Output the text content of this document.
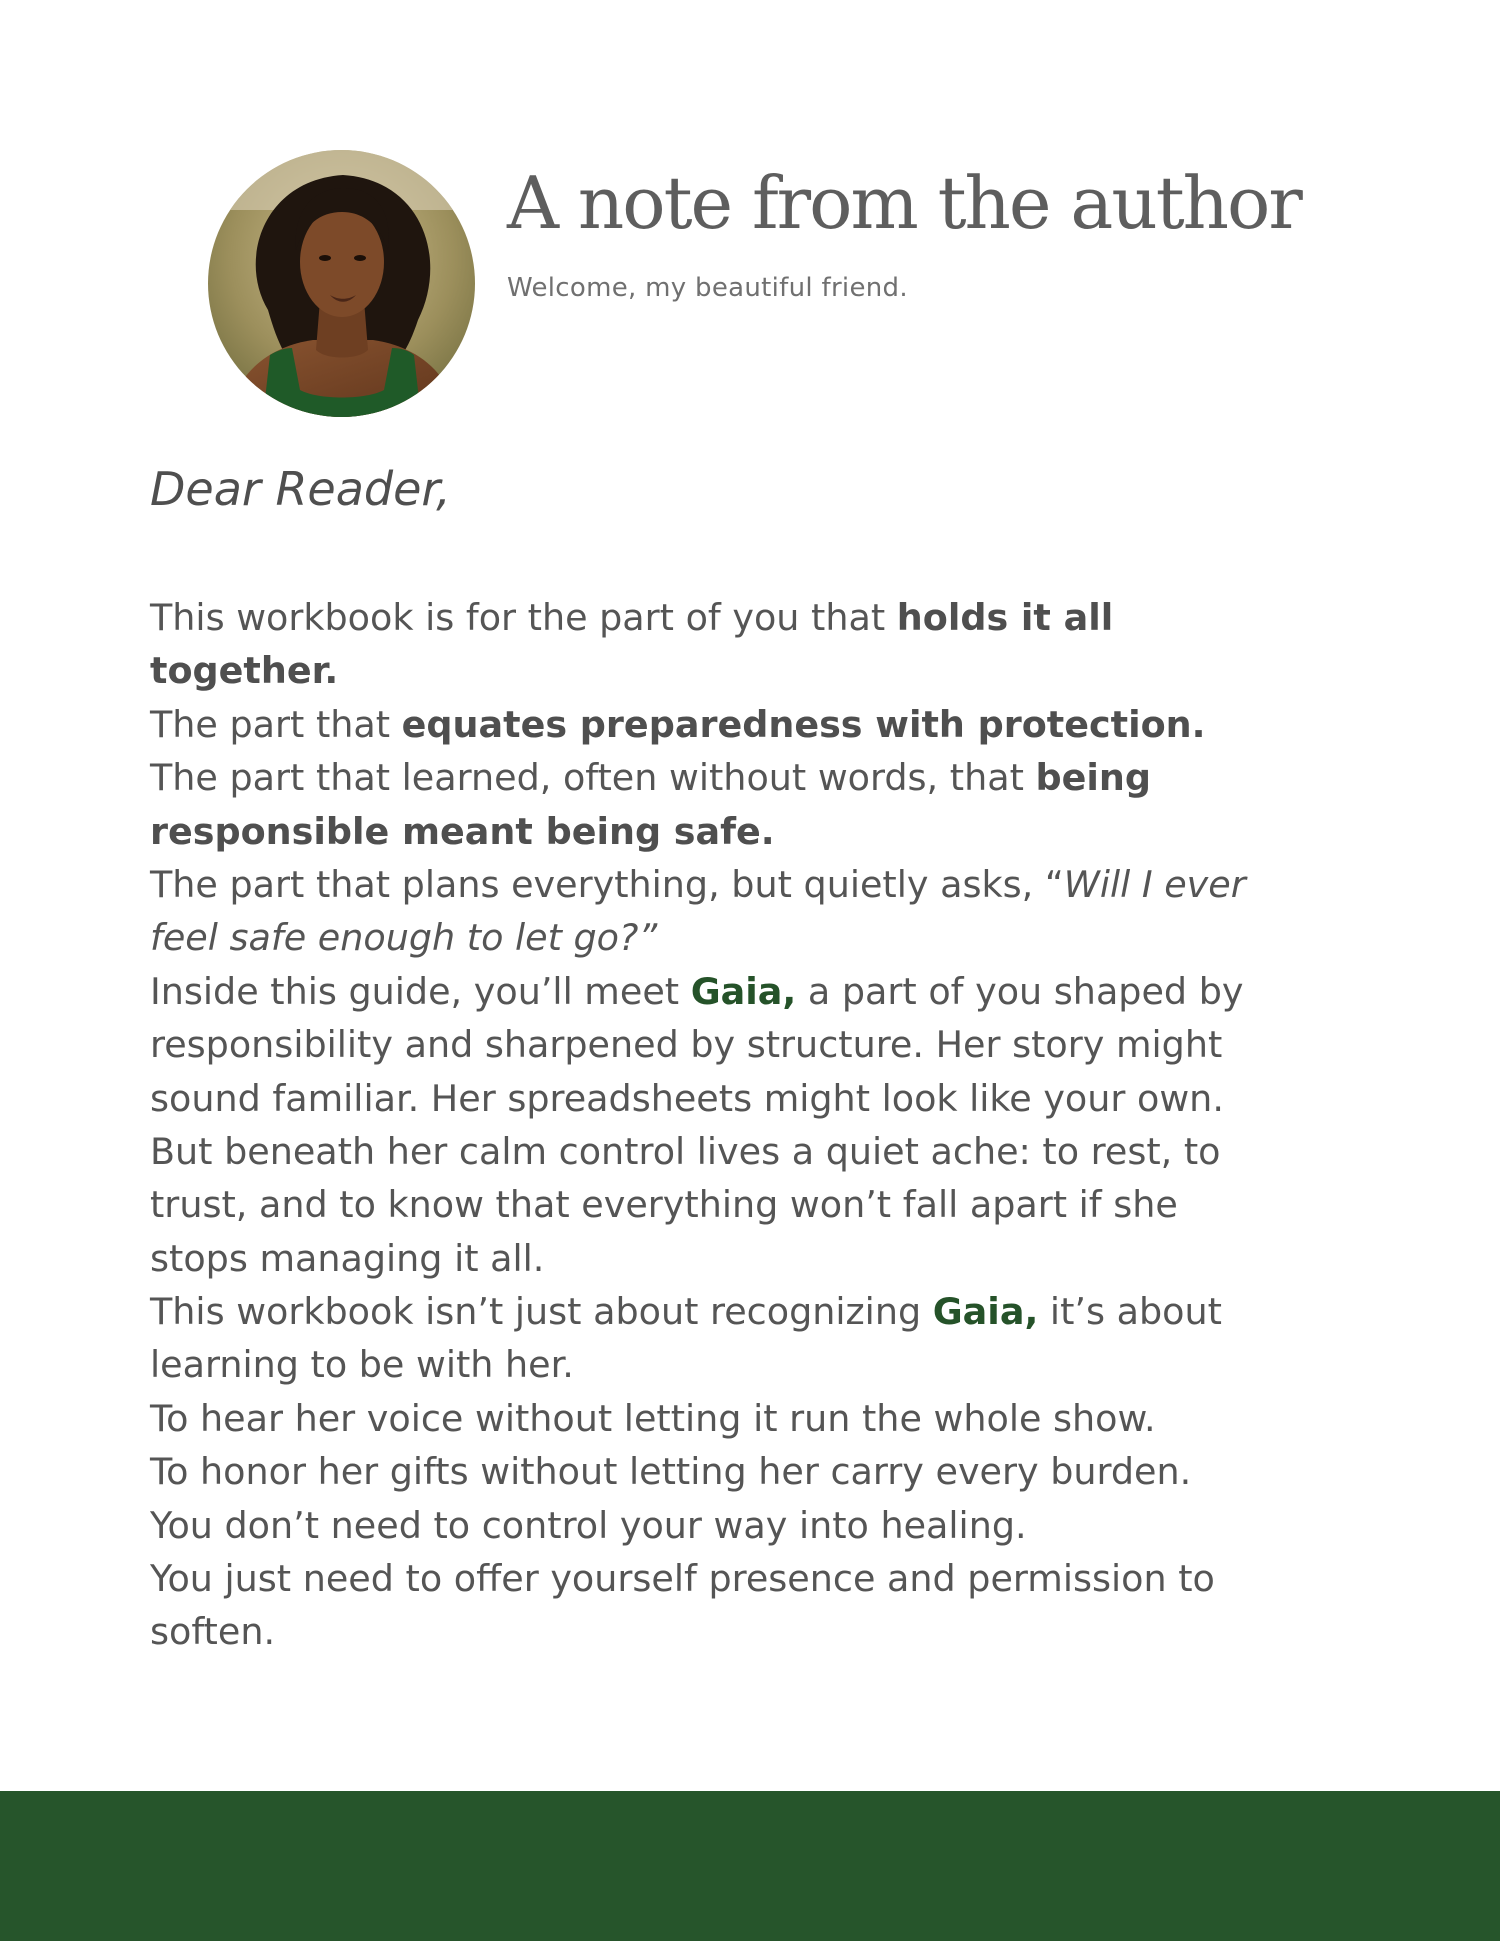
A note from the author

Welcome, my beautiful friend.

Dear Reader,
This workbook is for the part of you that holds it all
together.
The part that equates preparedness with protection.
The part that learned, often without words, that being
responsible meant being safe.
The part that plans everything, but quietly asks, “Will I ever
feel safe enough to let go?”
Inside this guide, you’ll meet Gaia, a part of you shaped by
responsibility and sharpened by structure. Her story might
sound familiar. Her spreadsheets might look like your own.
But beneath her calm control lives a quiet ache: to rest, to
trust, and to know that everything won’t fall apart if she
stops managing it all.
This workbook isn’t just about recognizing Gaia, it’s about
learning to be with her.
To hear her voice without letting it run the whole show.
To honor her gifts without letting her carry every burden.
You don’t need to control your way into healing.
You just need to offer yourself presence and permission to
soften.
